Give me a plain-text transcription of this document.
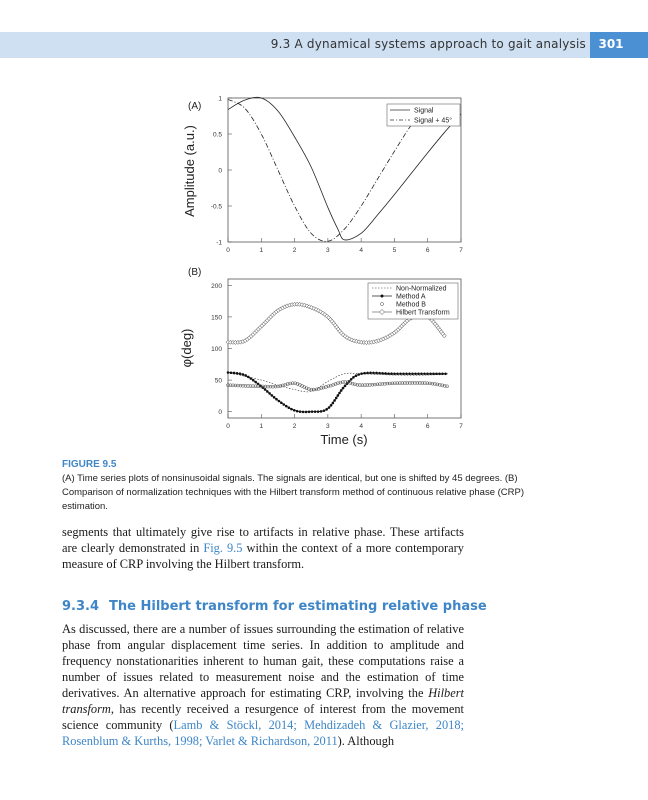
9.3 A dynamical systems approach to gait analysis	301
(A)
Amplitude (a.u.)
1
0.5
0
-0.5
-1
0	1	2	3	4	5	6	7
Signal
Signal + 45°
(B)
φ(deg)
200
150
100
50
0
0	1	2	3	4	5	6	7
Non-Normalized
Method A
Method B
Hilbert Transform
Time (s)
FIGURE 9.5
(A) Time series plots of nonsinusoidal signals. The signals are identical, but one is shifted by 45 degrees. (B) Comparison of normalization techniques with the Hilbert transform method of continuous relative phase (CRP) estimation.

segments that ultimately give rise to artifacts in relative phase. These artifacts are clearly demonstrated in Fig. 9.5 within the context of a more contemporary measure of CRP involving the Hilbert transform.

9.3.4 The Hilbert transform for estimating relative phase

As discussed, there are a number of issues surrounding the estimation of relative phase from angular displacement time series. In addition to amplitude and frequency nonstationarities inherent to human gait, these computations raise a number of issues related to measurement noise and the estimation of time derivatives. An alternative approach for estimating CRP, involving the Hilbert transform, has recently received a resurgence of interest from the movement science community (Lamb & Stöckl, 2014; Mehdizadeh & Glazier, 2018; Rosenblum & Kurths, 1998; Varlet & Richardson, 2011). Although
